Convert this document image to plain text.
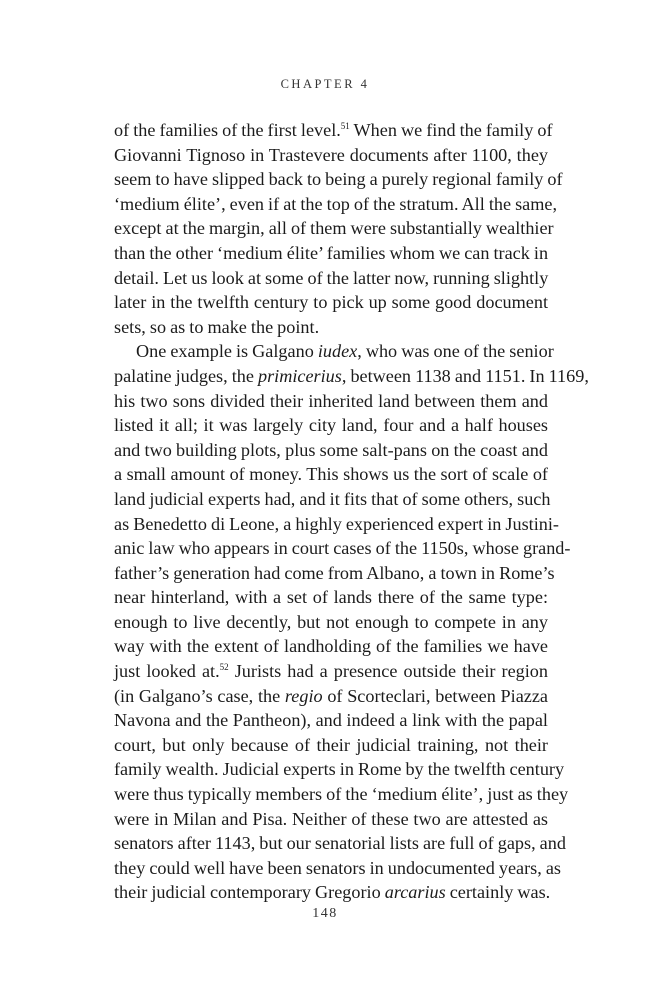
CHAPTER 4
of the families of the first level.$^{51}$ When we find the family of
Giovanni Tignoso in Trastevere documents after 1100, they
seem to have slipped back to being a purely regional family of
‘medium élite’, even if at the top of the stratum. All the same,
except at the margin, all of them were substantially wealthier
than the other ‘medium élite’ families whom we can track in
detail. Let us look at some of the latter now, running slightly
later in the twelfth century to pick up some good document
sets, so as to make the point.
One example is Galgano iudex, who was one of the senior
palatine judges, the primicerius, between 1138 and 1151. In 1169,
his two sons divided their inherited land between them and
listed it all; it was largely city land, four and a half houses
and two building plots, plus some salt-pans on the coast and
a small amount of money. This shows us the sort of scale of
land judicial experts had, and it fits that of some others, such
as Benedetto di Leone, a highly experienced expert in Justini-
anic law who appears in court cases of the 1150s, whose grand-
father’s generation had come from Albano, a town in Rome’s
near hinterland, with a set of lands there of the same type:
enough to live decently, but not enough to compete in any
way with the extent of landholding of the families we have
just looked at.$^{52}$ Jurists had a presence outside their region
(in Galgano’s case, the regio of Scorteclari, between Piazza
Navona and the Pantheon), and indeed a link with the papal
court, but only because of their judicial training, not their
family wealth. Judicial experts in Rome by the twelfth century
were thus typically members of the ‘medium élite’, just as they
were in Milan and Pisa. Neither of these two are attested as
senators after 1143, but our senatorial lists are full of gaps, and
they could well have been senators in undocumented years, as
their judicial contemporary Gregorio arcarius certainly was.
148
